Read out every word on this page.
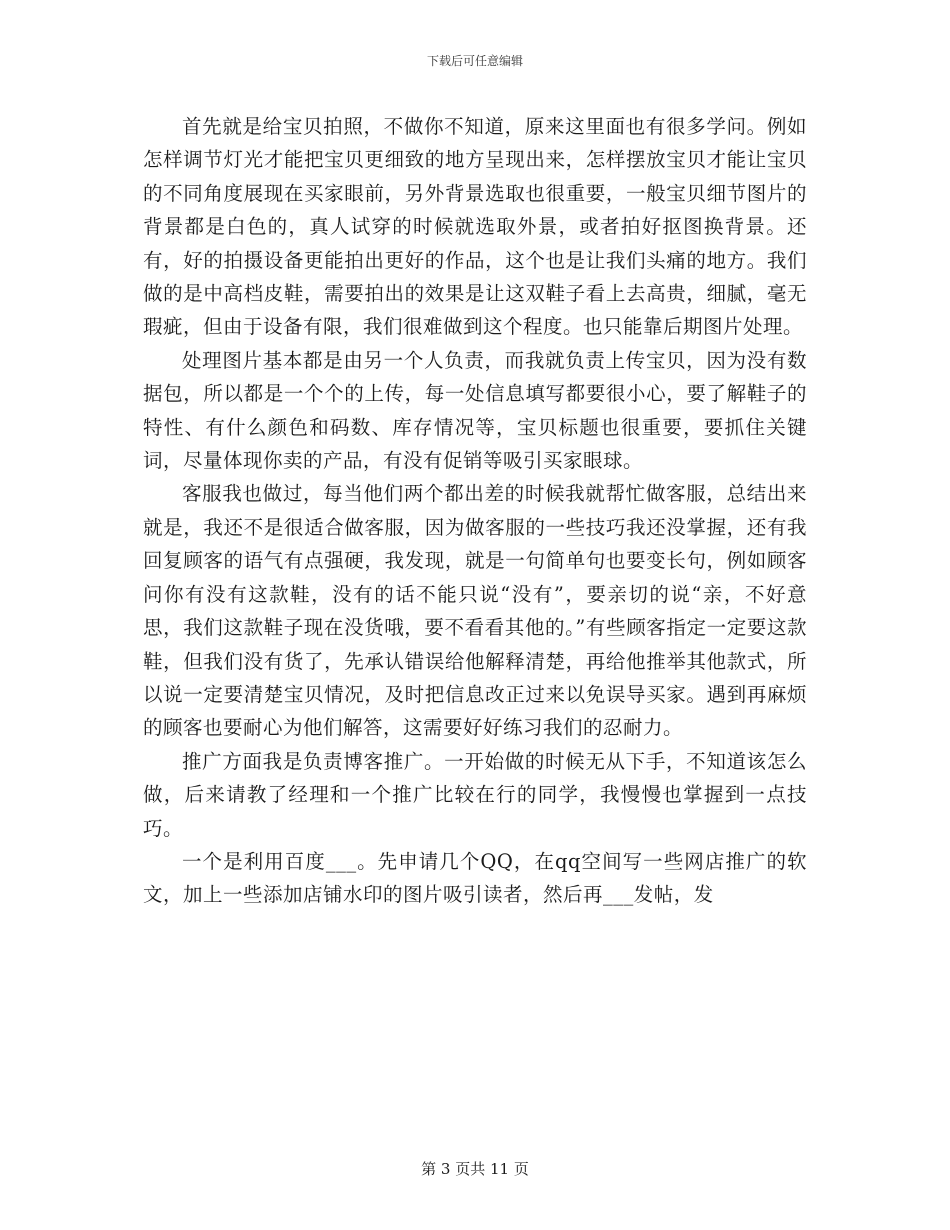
下载后可任意编辑

首先就是给宝贝拍照，不做你不知道，原来这里面也有很多学问。例如怎样调节灯光才能把宝贝更细致的地方呈现出来，怎样摆放宝贝才能让宝贝的不同角度展现在买家眼前，另外背景选取也很重要，一般宝贝细节图片的背景都是白色的，真人试穿的时候就选取外景，或者拍好抠图换背景。还有，好的拍摄设备更能拍出更好的作品，这个也是让我们头痛的地方。我们做的是中高档皮鞋，需要拍出的效果是让这双鞋子看上去高贵，细腻，毫无瑕疵，但由于设备有限，我们很难做到这个程度。也只能靠后期图片处理。

处理图片基本都是由另一个人负责，而我就负责上传宝贝，因为没有数据包，所以都是一个个的上传，每一处信息填写都要很小心，要了解鞋子的特性、有什么颜色和码数、库存情况等，宝贝标题也很重要，要抓住关键词，尽量体现你卖的产品，有没有促销等吸引买家眼球。

客服我也做过，每当他们两个都出差的时候我就帮忙做客服，总结出来就是，我还不是很适合做客服，因为做客服的一些技巧我还没掌握，还有我回复顾客的语气有点强硬，我发现，就是一句简单句也要变长句，例如顾客问你有没有这款鞋，没有的话不能只说“没有”，要亲切的说“亲，不好意思，我们这款鞋子现在没货哦，要不看看其他的。”有些顾客指定一定要这款鞋，但我们没有货了，先承认错误给他解释清楚，再给他推举其他款式，所以说一定要清楚宝贝情况，及时把信息改正过来以免误导买家。遇到再麻烦的顾客也要耐心为他们解答，这需要好好练习我们的忍耐力。

推广方面我是负责博客推广。一开始做的时候无从下手，不知道该怎么做，后来请教了经理和一个推广比较在行的同学，我慢慢也掌握到一点技巧。

一个是利用百度___。先申请几个QQ，在qq空间写一些网店推广的软文，加上一些添加店铺水印的图片吸引读者，然后再___发帖，发

第 3 页共 11 页
